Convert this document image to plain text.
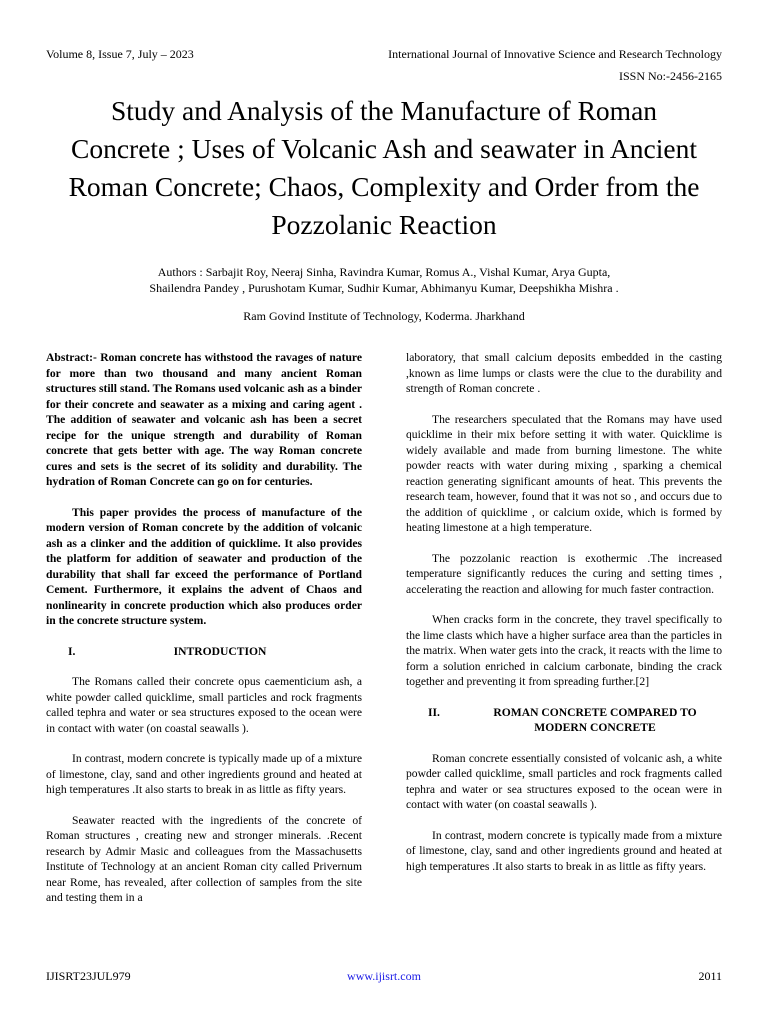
Volume 8, Issue 7, July – 2023	International Journal of Innovative Science and Research Technology
ISSN No:-2456-2165
Study and Analysis of the Manufacture of Roman Concrete ; Uses of Volcanic Ash and seawater in Ancient Roman Concrete; Chaos, Complexity and Order from the Pozzolanic Reaction
Authors : Sarbajit Roy, Neeraj Sinha, Ravindra Kumar, Romus A., Vishal Kumar, Arya Gupta,
Shailendra Pandey , Purushotam Kumar, Sudhir Kumar, Abhimanyu Kumar, Deepshikha Mishra .
Ram Govind Institute of Technology, Koderma. Jharkhand

Abstract:- Roman concrete has withstood the ravages of nature for more than two thousand and many ancient Roman structures still stand. The Romans used volcanic ash as a binder for their concrete and seawater as a mixing and caring agent . The addition of seawater and volcanic ash has been a secret recipe for the unique strength and durability of Roman concrete that gets better with age. The way Roman concrete cures and sets is the secret of its solidity and durability. The hydration of Roman Concrete can go on for centuries.

This paper provides the process of manufacture of the modern version of Roman concrete by the addition of volcanic ash as a clinker and the addition of quicklime. It also provides the platform for addition of seawater and production of the durability that shall far exceed the performance of Portland Cement. Furthermore, it explains the advent of Chaos and nonlinearity in concrete production which also produces order in the concrete structure system.

I.	INTRODUCTION

The Romans called their concrete opus caementicium ash, a white powder called quicklime, small particles and rock fragments called tephra and water or sea structures exposed to the ocean were in contact with water (on coastal seawalls ).

In contrast, modern concrete is typically made up of a mixture of limestone, clay, sand and other ingredients ground and heated at high temperatures .It also starts to break in as little as fifty years.

Seawater reacted with the ingredients of the concrete of Roman structures , creating new and stronger minerals. .Recent research by Admir Masic and colleagues from the Massachusetts Institute of Technology at an ancient Roman city called Privernum near Rome, has revealed, after collection of samples from the site and testing them in a

laboratory, that small calcium deposits embedded in the casting ,known as lime lumps or clasts were the clue to the durability and strength of Roman concrete .

The researchers speculated that the Romans may have used quicklime in their mix before setting it with water. Quicklime is widely available and made from burning limestone. The white powder reacts with water during mixing , sparking a chemical reaction generating significant amounts of heat. This prevents the research team, however, found that it was not so , and occurs due to the addition of quicklime , or calcium oxide, which is formed by heating limestone at a high temperature.

The pozzolanic reaction is exothermic .The increased temperature significantly reduces the curing and setting times , accelerating the reaction and allowing for much faster contraction.

When cracks form in the concrete, they travel specifically to the lime clasts which have a higher surface area than the particles in the matrix. When water gets into the crack, it reacts with the lime to form a solution enriched in calcium carbonate, binding the crack together and preventing it from spreading further.[2]

II.	ROMAN CONCRETE COMPARED TO MODERN CONCRETE

Roman concrete essentially consisted of volcanic ash, a white powder called quicklime, small particles and rock fragments called tephra and water or sea structures exposed to the ocean were in contact with water (on coastal seawalls ).

In contrast, modern concrete is typically made from a mixture of limestone, clay, sand and other ingredients ground and heated at high temperatures .It also starts to break in as little as fifty years.

IJISRT23JUL979	www.ijisrt.com	2011
